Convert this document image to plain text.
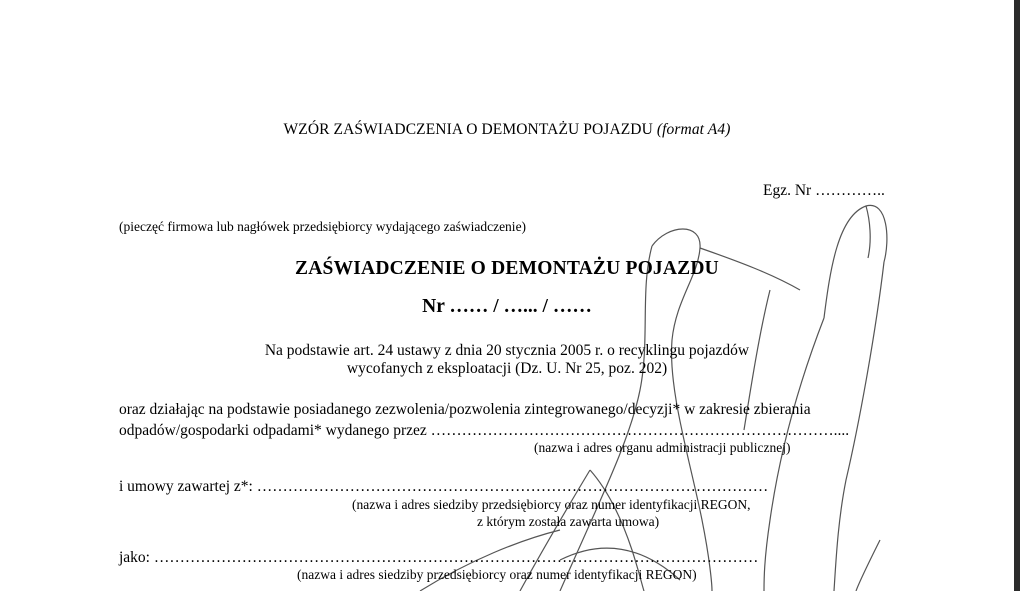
WZÓR ZAŚWIADCZENIA O DEMONTAŻU POJAZDU (format A4)
Egz. Nr …………..
(pieczęć firmowa lub nagłówek przedsiębiorcy wydającego zaświadczenie)
ZAŚWIADCZENIE O DEMONTAŻU POJAZDU
Nr …… / …... / ……
Na podstawie art. 24 ustawy z dnia 20 stycznia 2005 r. o recyklingu pojazdów
wycofanych z eksploatacji (Dz. U. Nr 25, poz. 202)
oraz działając na podstawie posiadanego zezwolenia/pozwolenia zintegrowanego/decyzji* w zakresie zbierania
odpadów/gospodarki odpadami* wydanego przez ……………………………………………………………………....
(nazwa i adres organu administracji publicznej)
i umowy zawartej z*: ………………………………………………………………………………………
(nazwa i adres siedziby przedsiębiorcy oraz numer identyfikacji REGON,
z którym została zawarta umowa)
jako: ………………………………………………………………………………………………………
(nazwa i adres siedziby przedsiębiorcy oraz numer identyfikacji REGON)
